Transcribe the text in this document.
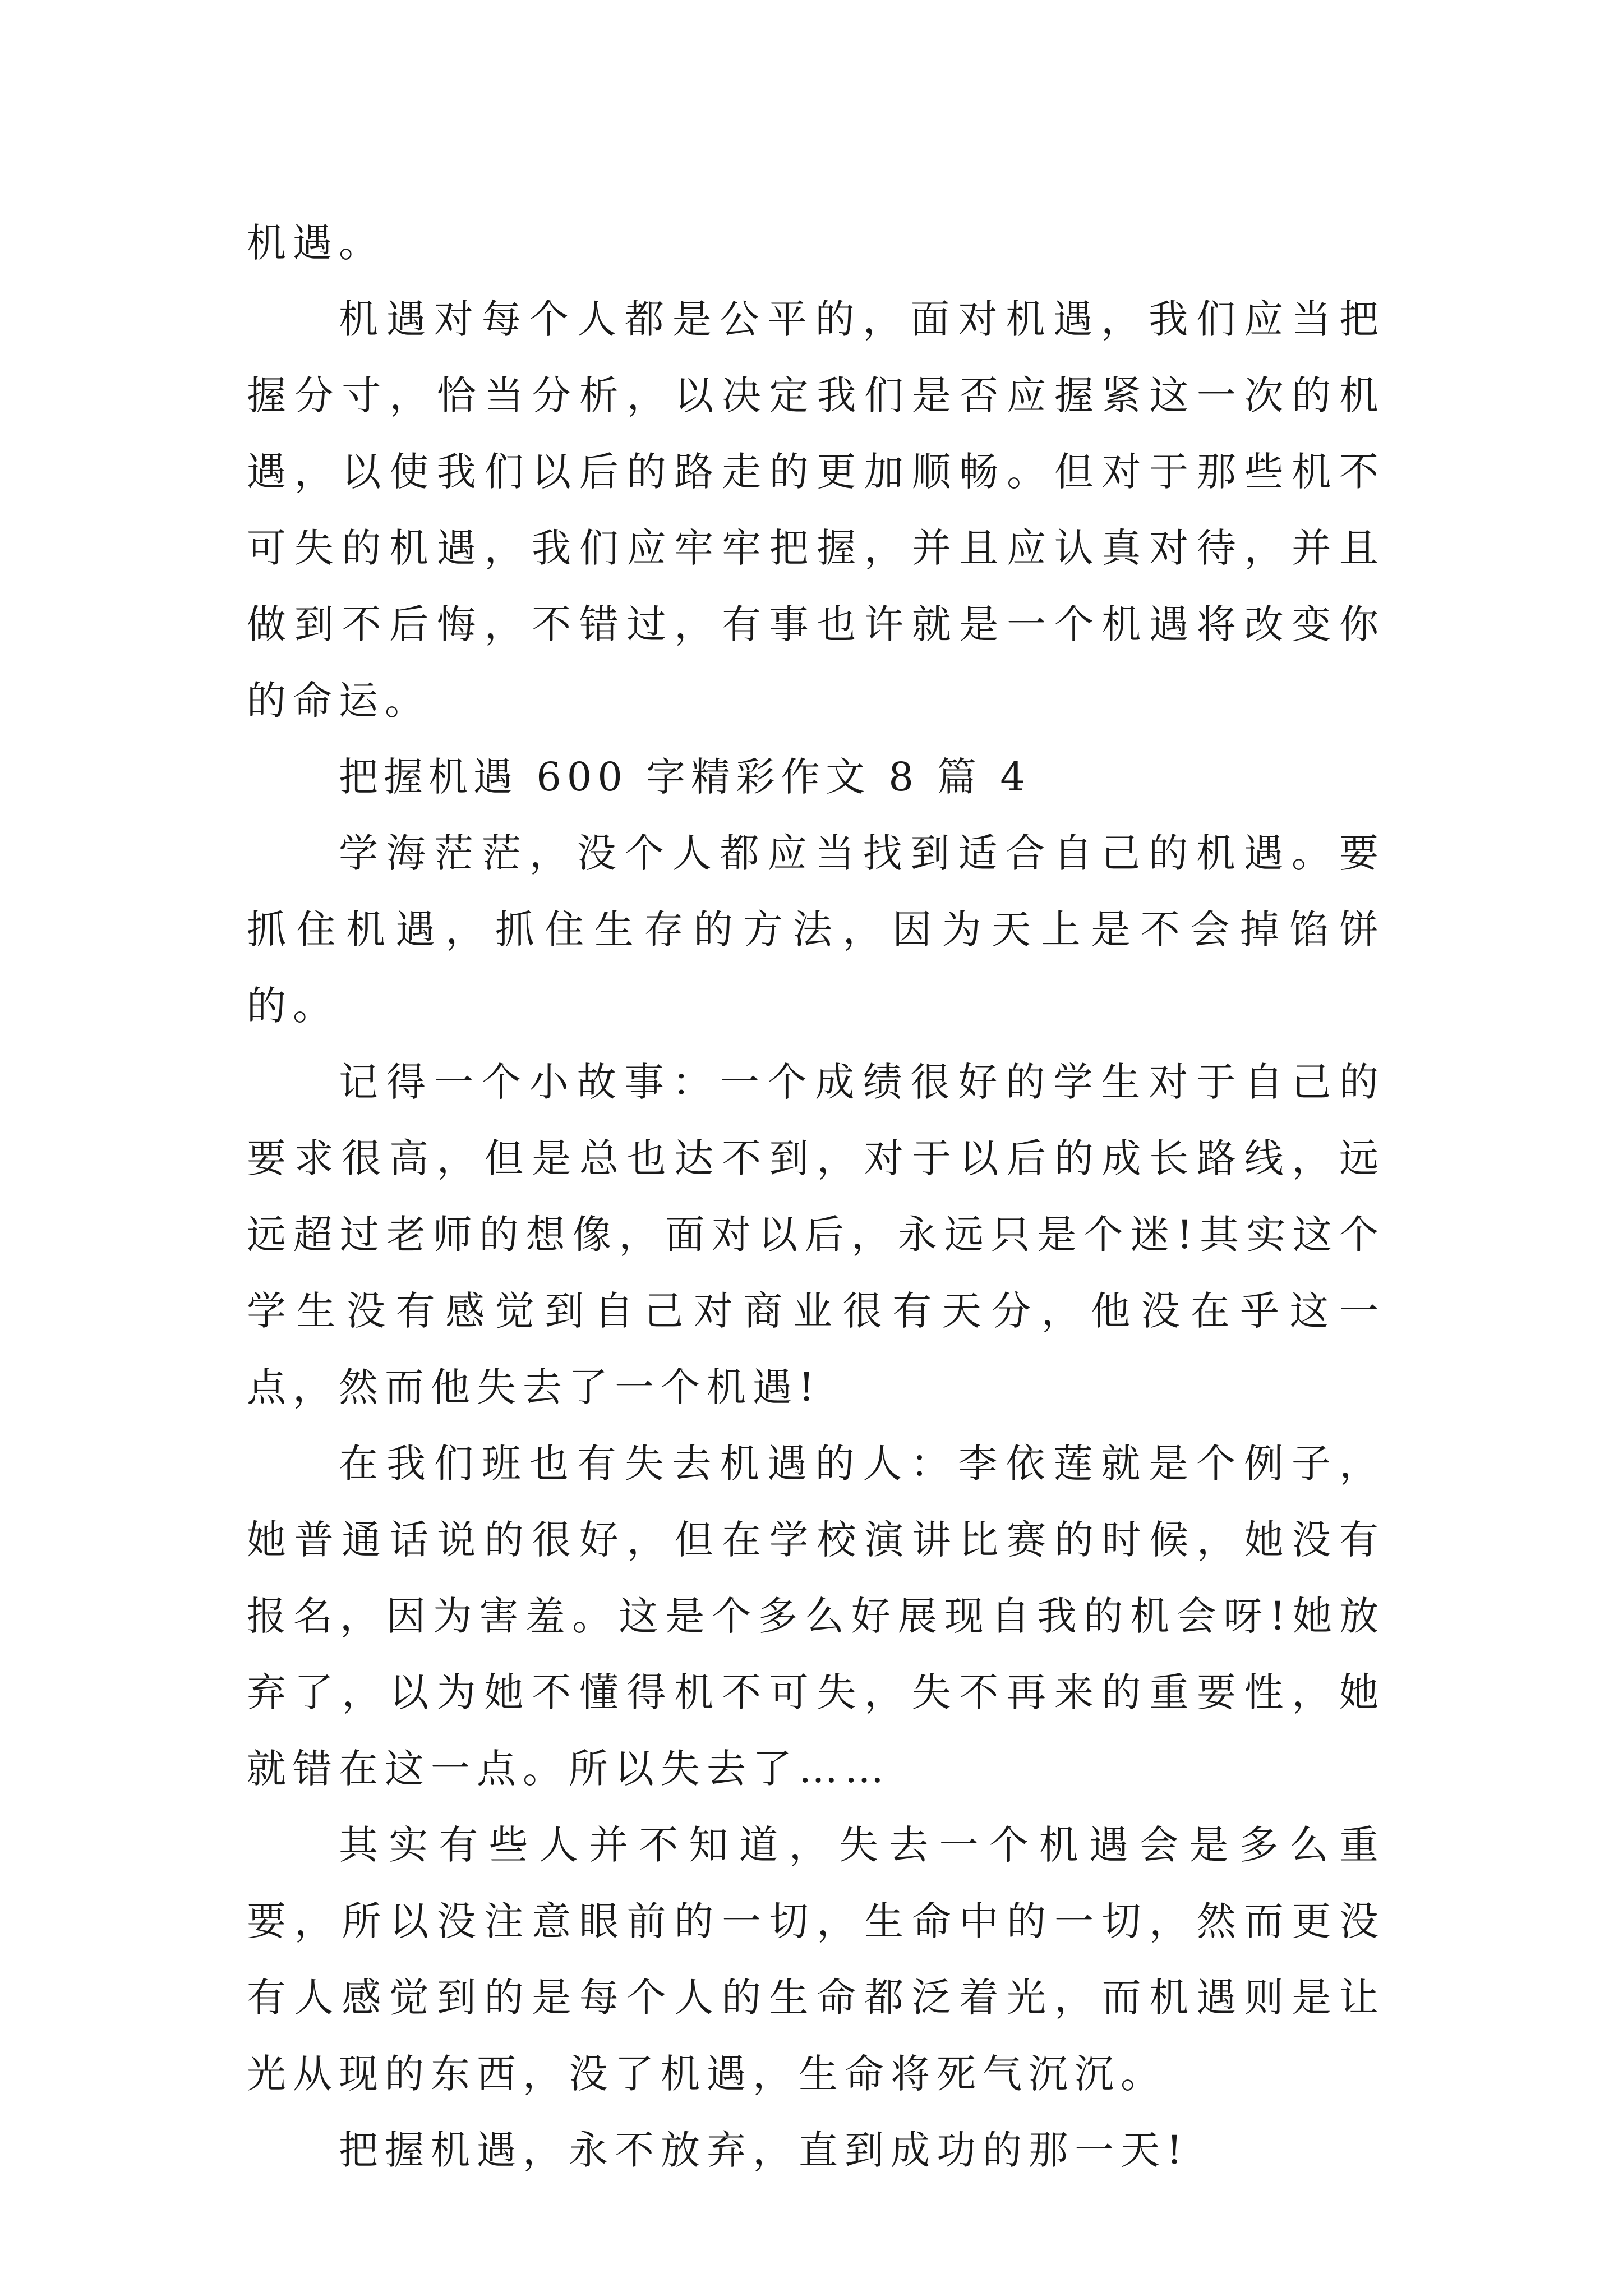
机遇。

机遇对每个人都是公平的，面对机遇，我们应当把握分寸，恰当分析，以决定我们是否应握紧这一次的机遇，以使我们以后的路走的更加顺畅。但对于那些机不可失的机遇，我们应牢牢把握，并且应认真对待，并且做到不后悔，不错过，有事也许就是一个机遇将改变你的命运。

把握机遇 600 字精彩作文 8 篇 4

学海茫茫，没个人都应当找到适合自己的机遇。要抓住机遇，抓住生存的方法，因为天上是不会掉馅饼的。

记得一个小故事：一个成绩很好的学生对于自己的要求很高，但是总也达不到，对于以后的成长路线，远远超过老师的想像，面对以后，永远只是个迷!其实这个学生没有感觉到自己对商业很有天分，他没在乎这一点，然而他失去了一个机遇!

在我们班也有失去机遇的人：李依莲就是个例子，她普通话说的很好，但在学校演讲比赛的时候，她没有报名，因为害羞。这是个多么好展现自我的机会呀!她放弃了，以为她不懂得机不可失，失不再来的重要性，她就错在这一点。所以失去了……

其实有些人并不知道，失去一个机遇会是多么重要，所以没注意眼前的一切，生命中的一切，然而更没有人感觉到的是每个人的生命都泛着光，而机遇则是让光从现的东西，没了机遇，生命将死气沉沉。

把握机遇，永不放弃，直到成功的那一天!
